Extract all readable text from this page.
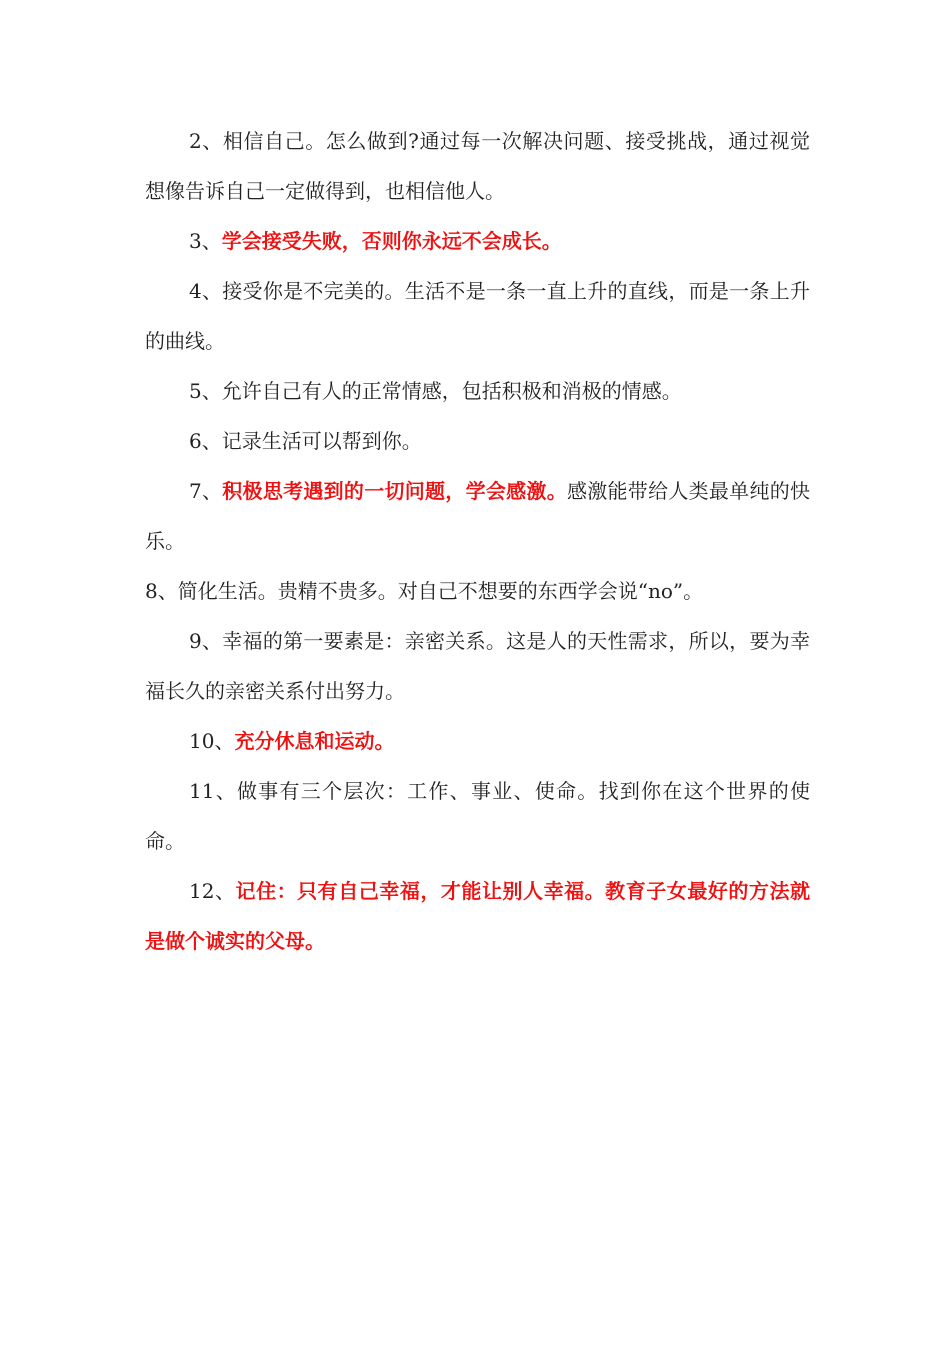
2、相信自己。怎么做到?通过每一次解决问题、接受挑战，通过视觉想像告诉自己一定做得到，也相信他人。

3、学会接受失败，否则你永远不会成长。

4、接受你是不完美的。生活不是一条一直上升的直线，而是一条上升的曲线。

5、允许自己有人的正常情感，包括积极和消极的情感。

6、记录生活可以帮到你。

7、积极思考遇到的一切问题，学会感激。感激能带给人类最单纯的快乐。

8、简化生活。贵精不贵多。对自己不想要的东西学会说“no”。

9、幸福的第一要素是：亲密关系。这是人的天性需求，所以，要为幸福长久的亲密关系付出努力。

10、充分休息和运动。

11、做事有三个层次：工作、事业、使命。找到你在这个世界的使命。

12、记住：只有自己幸福，才能让别人幸福。教育子女最好的方法就是做个诚实的父母。
